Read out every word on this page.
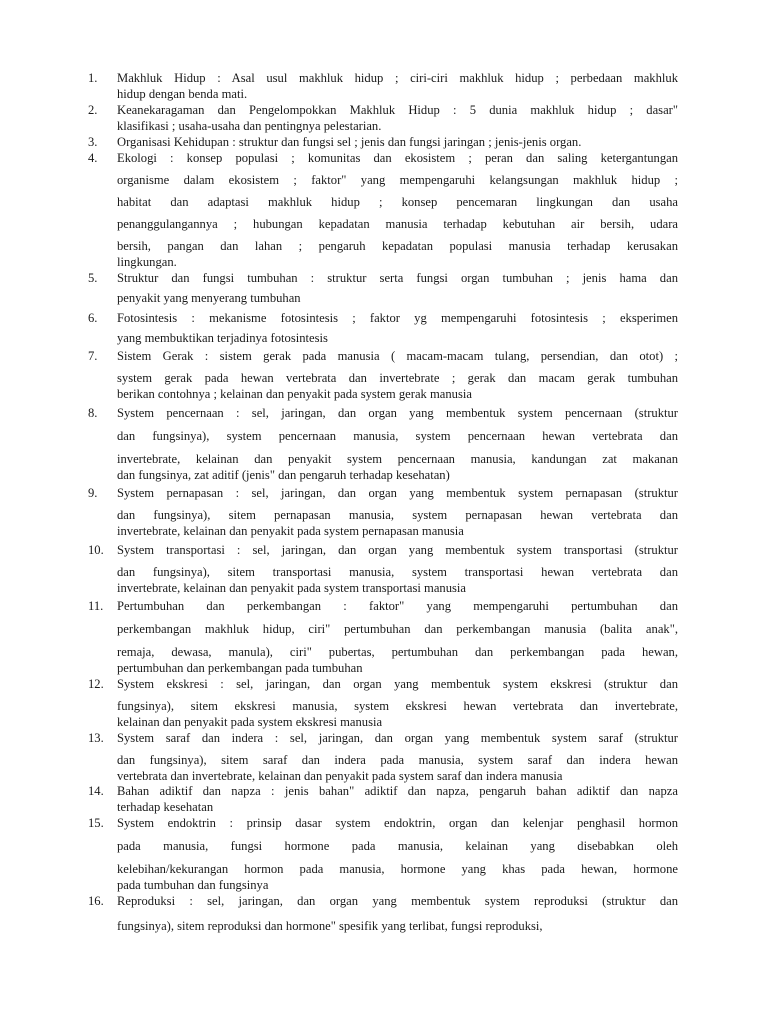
1. Makhluk Hidup : Asal usul makhluk hidup ; ciri-ciri makhluk hidup ; perbedaan makhluk
hidup dengan benda mati.
2. Keanekaragaman dan Pengelompokkan Makhluk Hidup : 5 dunia makhluk hidup ; dasar"
klasifikasi ; usaha-usaha dan pentingnya pelestarian.
3. Organisasi Kehidupan : struktur dan fungsi sel ; jenis dan fungsi jaringan ; jenis-jenis organ.
4. Ekologi : konsep populasi ; komunitas dan ekosistem ; peran dan saling ketergantungan
organisme dalam ekosistem ; faktor" yang mempengaruhi kelangsungan makhluk hidup ;
habitat dan adaptasi makhluk hidup ; konsep pencemaran lingkungan dan usaha
penanggulangannya ; hubungan kepadatan manusia terhadap kebutuhan air bersih, udara
bersih, pangan dan lahan ; pengaruh kepadatan populasi manusia terhadap kerusakan
lingkungan.
5. Struktur dan fungsi tumbuhan : struktur serta fungsi organ tumbuhan ; jenis hama dan
penyakit yang menyerang tumbuhan
6. Fotosintesis : mekanisme fotosintesis ; faktor yg mempengaruhi fotosintesis ; eksperimen
yang membuktikan terjadinya fotosintesis
7. Sistem Gerak : sistem gerak pada manusia ( macam-macam tulang, persendian, dan otot) ;
system gerak pada hewan vertebrata dan invertebrate ; gerak dan macam gerak tumbuhan
berikan contohnya ; kelainan dan penyakit pada system gerak manusia
8. System pencernaan : sel, jaringan, dan organ yang membentuk system pencernaan (struktur
dan fungsinya), system pencernaan manusia, system pencernaan hewan vertebrata dan
invertebrate, kelainan dan penyakit system pencernaan manusia, kandungan zat makanan
dan fungsinya, zat aditif (jenis" dan pengaruh terhadap kesehatan)
9. System pernapasan : sel, jaringan, dan organ yang membentuk system pernapasan (struktur
dan fungsinya), sitem pernapasan manusia, system pernapasan hewan vertebrata dan
invertebrate, kelainan dan penyakit pada system pernapasan manusia
10. System transportasi : sel, jaringan, dan organ yang membentuk system transportasi (struktur
dan fungsinya), sitem transportasi manusia, system transportasi hewan vertebrata dan
invertebrate, kelainan dan penyakit pada system transportasi manusia
11. Pertumbuhan dan perkembangan : faktor" yang mempengaruhi pertumbuhan dan
perkembangan makhluk hidup, ciri" pertumbuhan dan perkembangan manusia (balita anak",
remaja, dewasa, manula), ciri" pubertas, pertumbuhan dan perkembangan pada hewan,
pertumbuhan dan perkembangan pada tumbuhan
12. System ekskresi : sel, jaringan, dan organ yang membentuk system ekskresi (struktur dan
fungsinya), sitem ekskresi manusia, system ekskresi hewan vertebrata dan invertebrate,
kelainan dan penyakit pada system ekskresi manusia
13. System saraf dan indera : sel, jaringan, dan organ yang membentuk system saraf (struktur
dan fungsinya), sitem saraf dan indera pada manusia, system saraf dan indera hewan
vertebrata dan invertebrate, kelainan dan penyakit pada system saraf dan indera manusia
14. Bahan adiktif dan napza : jenis bahan" adiktif dan napza, pengaruh bahan adiktif dan napza
terhadap kesehatan
15. System endoktrin : prinsip dasar system endoktrin, organ dan kelenjar penghasil hormon
pada manusia, fungsi hormone pada manusia, kelainan yang disebabkan oleh
kelebihan/kekurangan hormon pada manusia, hormone yang khas pada hewan, hormone
pada tumbuhan dan fungsinya
16. Reproduksi : sel, jaringan, dan organ yang membentuk system reproduksi (struktur dan
fungsinya), sitem reproduksi dan hormone" spesifik yang terlibat, fungsi reproduksi,
